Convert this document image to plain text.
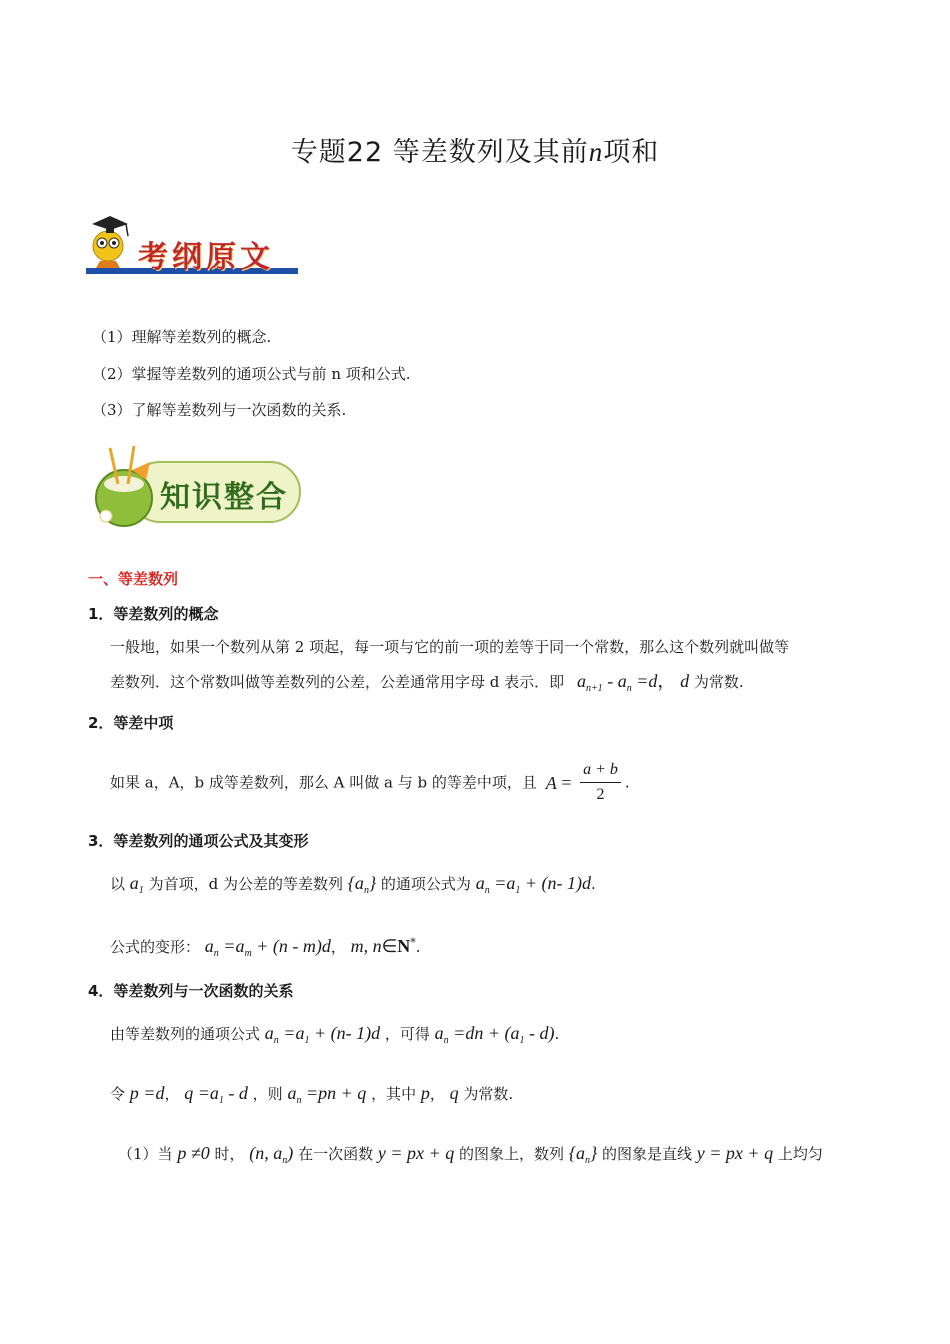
专题22 等差数列及其前n项和
考纲原文
（1）理解等差数列的概念.
（2）掌握等差数列的通项公式与前 n 项和公式.
（3）了解等差数列与一次函数的关系.
知识整合
一、等差数列
1．等差数列的概念
一般地，如果一个数列从第 2 项起，每一项与它的前一项的差等于同一个常数，那么这个数列就叫做等
差数列．这个常数叫做等差数列的公差，公差通常用字母 d 表示．即 $a_{n+1} - a_n =d$， d 为常数.
2．等差中项
如果 a，A，b 成等差数列，那么 A 叫做 a 与 b 的等差中项，且 $A = \frac{a + b}{2}$ .
3．等差数列的通项公式及其变形
以 $a_1$ 为首项，d 为公差的等差数列 $\{a_n\}$ 的通项公式为 $a_n =a_1 + (n-$ 1)d.
公式的变形： $a_n =a_m + (n - m)d$， m, n∈N*.
4．等差数列与一次函数的关系
由等差数列的通项公式 $a_n =a_1 + (n-$ 1)d ，可得 $a_n =dn + (a_1 - d)$.
令 p =d， $q =a_1 - d$ ，则 $a_n =pn + q$ ，其中 p， q 为常数.
（1）当 p ≠0 时， (n, $a_n$) 在一次函数 y = px + q 的图象上，数列 $\{a_n\}$ 的图象是直线 y = px + q 上均匀
